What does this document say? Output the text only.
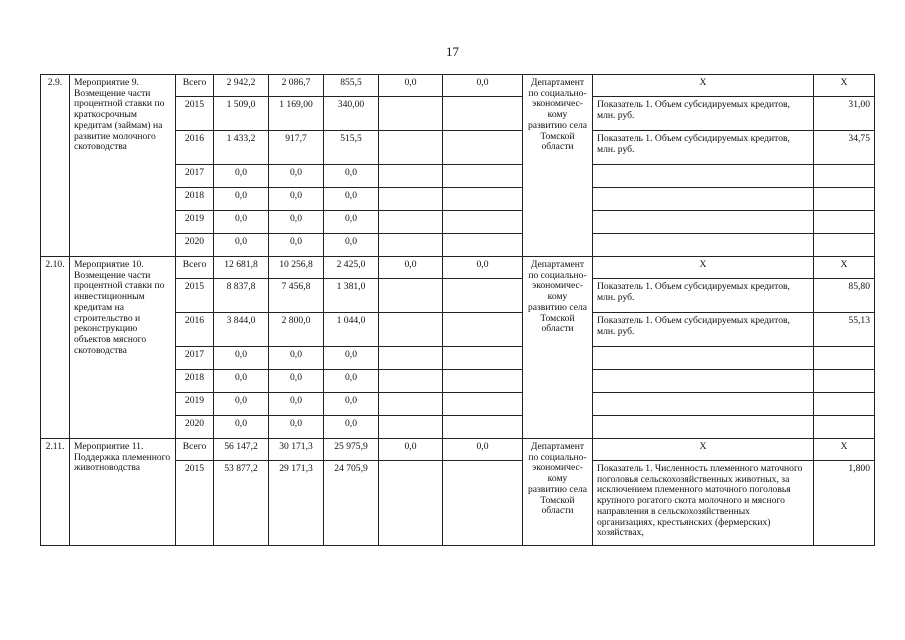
17
2.9.	Мероприятие 9. Возмещение части процентной ставки по краткосрочным кредитам (займам) на развитие молочного скотоводства	Всего	2 942,2	2 086,7	855,5	0,0	0,0	Департамент по социально-экономичес-кому развитию села Томской области	Х	Х
		2015	1 509,0	1 169,00	340,00				Показатель 1. Объем субсидируемых кредитов, млн. руб.	31,00
		2016	1 433,2	917,7	515,5				Показатель 1. Объем субсидируемых кредитов, млн. руб.	34,75
		2017	0,0	0,0	0,0					
		2018	0,0	0,0	0,0					
		2019	0,0	0,0	0,0					
		2020	0,0	0,0	0,0					
2.10.	Мероприятие 10. Возмещение части процентной ставки по инвестиционным кредитам на строительство и реконструкцию объектов мясного скотоводства	Всего	12 681,8	10 256,8	2 425,0	0,0	0,0	Департамент по социально-экономичес-кому развитию села Томской области	Х	Х
		2015	8 837,8	7 456,8	1 381,0				Показатель 1. Объем субсидируемых кредитов, млн. руб.	85,80
		2016	3 844,0	2 800,0	1 044,0				Показатель 1. Объем субсидируемых кредитов, млн. руб.	55,13
		2017	0,0	0,0	0,0					
		2018	0,0	0,0	0,0					
		2019	0,0	0,0	0,0					
		2020	0,0	0,0	0,0					
2.11.	Мероприятие 11. Поддержка племенного животноводства	Всего	56 147,2	30 171,3	25 975,9	0,0	0,0	Департамент по социально-экономичес-кому развитию села Томской области	Х	Х
		2015	53 877,2	29 171,3	24 705,9				Показатель 1. Численность племенного маточного поголовья сельскохозяйственных животных, за исключением племенного маточного поголовья крупного рогатого скота молочного и мясного направления в сельскохозяйственных организациях, крестьянских (фермерских) хозяйствах,	1,800
